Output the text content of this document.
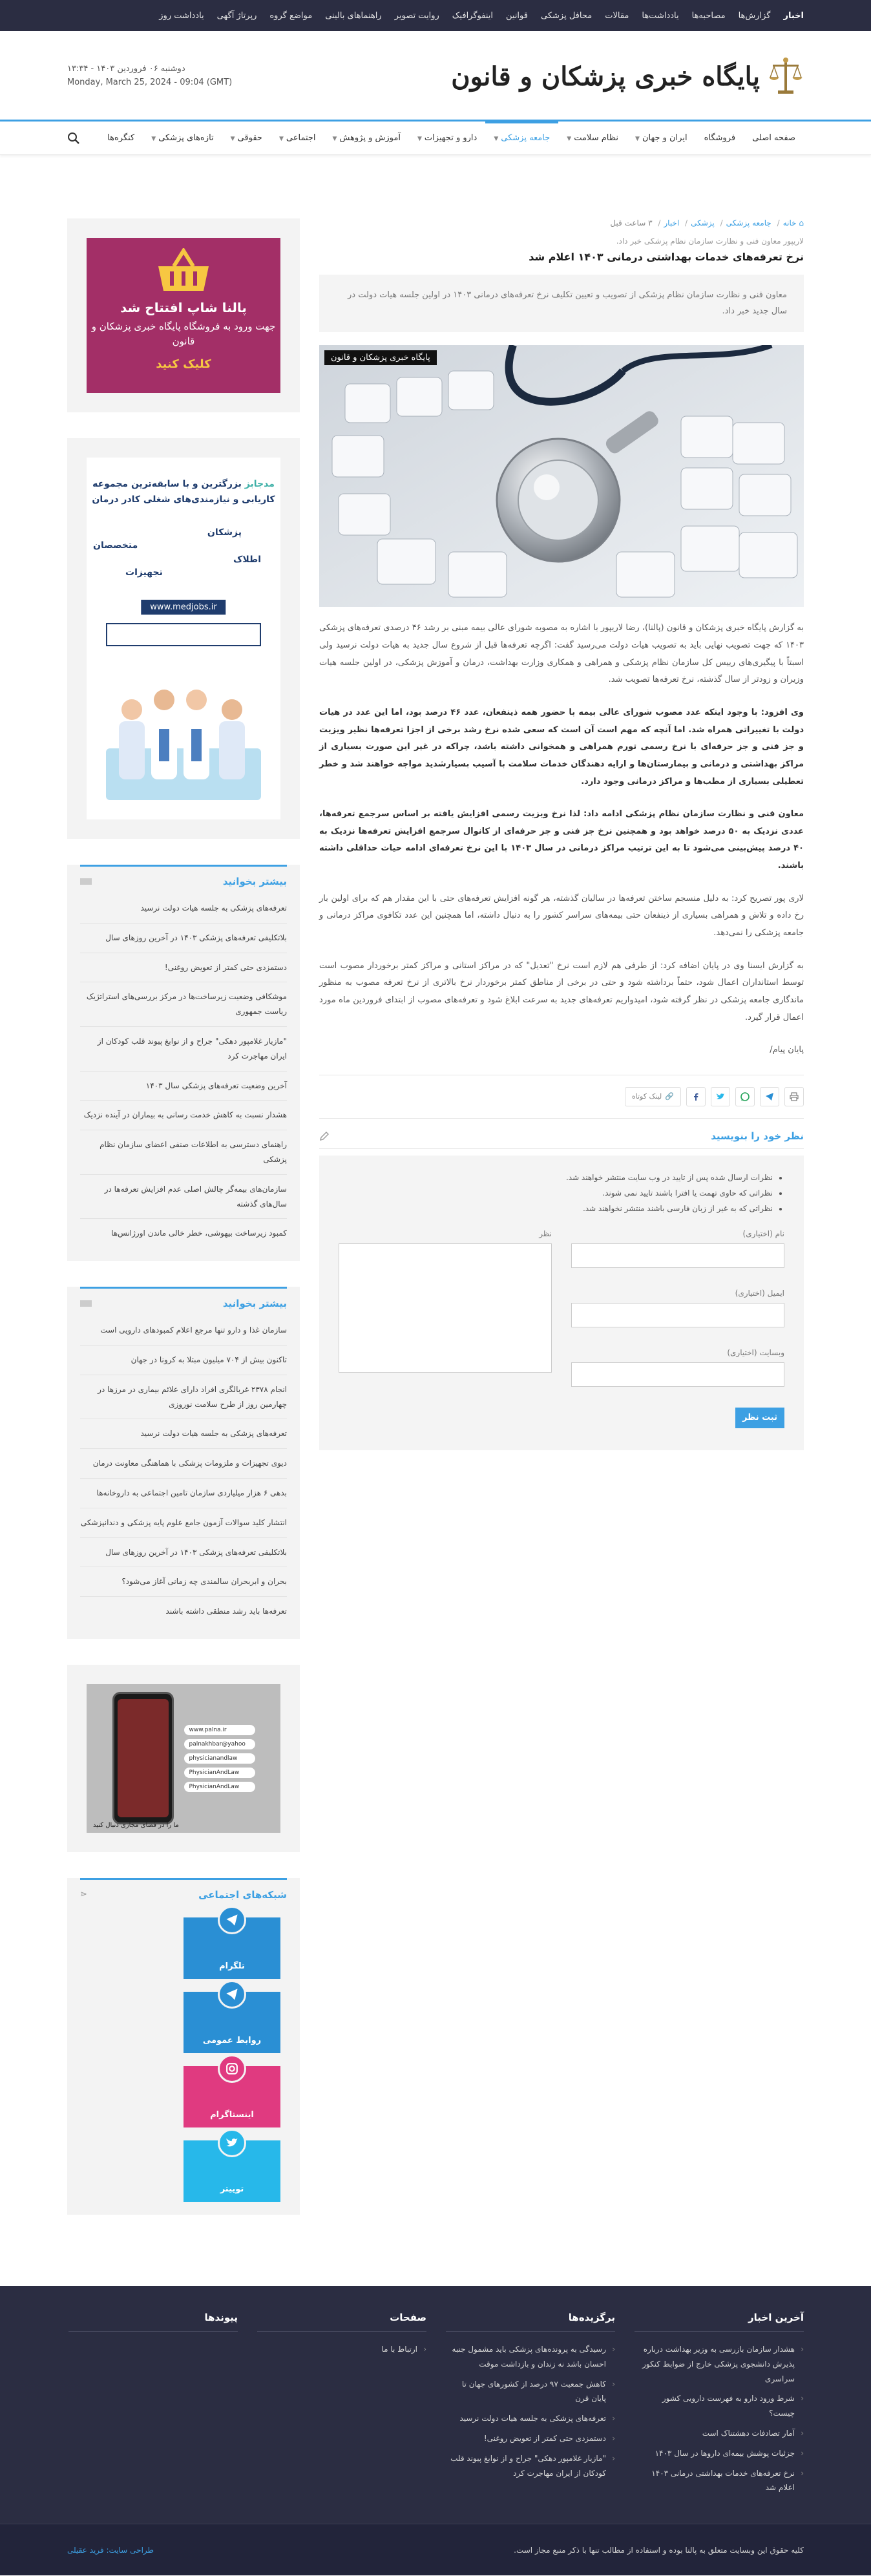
اخبار
گزارش‌ها
مصاحبه‌ها
یادداشت‌ها
مقالات
محافل پزشکی
قوانین
اینفوگرافیک
روایت تصویر
راهنماهای بالینی
مواضع گروه
رپرتاژ آگهی
یادداشت روز
پایگاه خبری پزشکان و قانون
دوشنبه ۰۶ فروردین ۱۴۰۳ - ۱۳:۳۴
Monday, March 25, 2024 - 09:04 (GMT)
صفحه اصلی
فروشگاه
ایران و جهان▼
نظام سلامت▼
جامعه پزشکی▼
دارو و تجهیزات▼
آموزش و پژوهش▼
اجتماعی▼
حقوقی▼
تازه‌های پزشکی▼
کنگره‌ها
⌂ خانه/ جامعه پزشکی/ پزشکی/ اخبار/ ۳ ساعت قبل
لاریپور معاون فنی و نظارت سازمان نظام پزشکی خبر داد.
نرخ تعرفه‌های خدمات بهداشتی درمانی ۱۴۰۳ اعلام شد
معاون فنی و نظارت سازمان نظام پزشکی از تصویب و تعیین تکلیف نرخ تعرفه‌های درمانی ۱۴۰۳ در اولین جلسه هیات دولت در سال جدید خبر داد.
پایگاه خبری پزشکان و قانون

به گزارش پایگاه خبری پزشکان و قانون (پالنا)، رضا لاریپور با اشاره به مصوبه شورای عالی بیمه مبنی بر رشد ۴۶ درصدی تعرفه‌های پزشکی ۱۴۰۳ که جهت تصویب نهایی باید به تصویب هیات دولت می‌رسید گفت: اگرچه تعرفه‌ها قبل از شروع سال جدید به هیات دولت نرسید ولی اسبتاً با پیگیری‌های رییس کل سازمان نظام پزشکی و همراهی و همکاری وزارت بهداشت، درمان و آموزش پزشکی، در اولین جلسه هیات وزیران و زودتر از سال گذشته، نرخ تعرفه‌ها تصویب شد.

وی افزود: با وجود اینکه عدد مصوب شورای عالی بیمه با حضور همه ذینفعان، عدد ۴۶ درصد بود، اما این عدد در هیات دولت با تغییراتی همراه شد. اما آنچه که مهم است آن است که سعی شده نرخ رشد برخی از اجزا تعرفه‌ها نظیر ویزیت و جز فنی و جز حرفه‌ای با نرخ رسمی تورم همراهی و همخوانی داشته باشد، چراکه در غیر این صورت بسیاری از مراکز بهداشتی و درمانی و بیمارستان‌ها و ارایه دهندگان خدمات سلامت با آسیب بسیارشدید مواجه خواهند شد و خطر تعطیلی بسیاری از مطب‌ها و مراکز درمانی وجود دارد.

معاون فنی و نظارت سازمان نظام پزشکی ادامه داد: لذا نرخ ویزیت رسمی افزایش یافته بر اساس سرجمع تعرفه‌ها، عددی نزدیک به ۵۰ درصد خواهد بود و همچنین نرخ جز فنی و جز حرفه‌ای از کانوال سرجمع افزایش تعرفه‌ها نزدیک به ۴۰ درصد پیش‌بینی می‌شود تا به این ترتیب مراکز درمانی در سال ۱۴۰۳ با این نرخ تعرفه‌ای ادامه حیات حداقلی داشته باشند.

لاری پور تصریح کرد: به دلیل منسجم ساختن تعرفه‌ها در سالیان گذشته، هر گونه افزایش تعرفه‌های حتی با این مقدار هم که برای اولین بار رخ داده و تلاش و همراهی بسیاری از ذینفعان حتی بیمه‌های سراسر کشور را به دنبال داشته، اما همچنین این عدد تکافوی مراکز درمانی و جامعه پزشکی را نمی‌دهد.

به گزارش ایسنا وی در پایان اضافه کرد: از طرفی هم لازم است نرخ "تعدیل" که در مراکز استانی و مراکز کمتر برخوردار مصوب است توسط استانداران اعمال شود، حتماً برداشته شود و حتی در برخی از مناطق کمتر برخوردار نرخ بالاتری از نرخ تعرفه مصوب به منظور ماندگاری جامعه پزشکی در نظر گرفته شود، امیدواریم تعرفه‌های جدید به سرعت ابلاغ شود و تعرفه‌های مصوب از ابتدای فروردین ماه مورد اعمال قرار گیرد.

پایان پیام/

🔗
لینک کوتاه
نظر خود را بنویسید
• نظرات ارسال شده پس از تایید در وب سایت منتشر خواهند شد.
• نظراتی که حاوی تهمت یا افترا باشند تایید نمی شوند.
• نظراتی که به غیر از زبان فارسی باشند منتشر نخواهند شد.
نام (اختیاری)
ایمیل (اختیاری)
وبسایت (اختیاری)
ثبت نظر
نظر
پالنا شاپ افتتاح شد
جهت ورود به فروشگاه پایگاه خبری پزشکان و قانون
کلیک کنید
مدجابز بزرگترین و با سابقه‌ترین مجموعه
کاریابی و نیازمندی‌های شغلی کادر درمان
پزشکان
متخصصان
اطلاک
تجهیزات
www.medjobs.ir
بیشتر بخوانید
تعرفه‌های پزشکی به جلسه هیات دولت نرسید
بلاتکلیفی تعرفه‌های پزشکی ۱۴۰۳ در آخرین روزهای سال
دستمزدی حتی کمتر از تعویض روغنی!
موشکافی وضعیت زیرساخت‌ها در مرکز بررسی‌های استراتژیک ریاست جمهوری
"مازیار غلامپور دهکی" جراح و از نوابغ پیوند قلب کودکان از ایران مهاجرت کرد
آخرین وضعیت تعرفه‌های پزشکی سال ۱۴۰۳
هشدار نسبت به کاهش خدمت رسانی به بیماران در آینده نزدیک
راهنمای دسترسی به اطلاعات صنفی اعضای سازمان نظام پزشکی
سازمان‌های بیمه‌گر چالش اصلی عدم افزایش تعرفه‌ها در سال‌های گذشته
کمبود زیرساخت بیهوشی، خطر خالی ماندن اورژانس‌ها
بیشتر بخوانید
سازمان غذا و دارو تنها مرجع اعلام کمبودهای دارویی است
تاکنون بیش از ۷۰۴ میلیون مبتلا به کرونا در جهان
انجام ۲۳۷۸ غربالگری افراد دارای علائم بیماری در مرزها در چهارمین روز از طرح سلامت نوروزی
تعرفه‌های پزشکی به جلسه هیات دولت نرسید
دیوی تجهیزات و ملزومات پزشکی با هماهنگی معاونت درمان
بدهی ۶ هزار میلیاردی سازمان تامین اجتماعی به داروخانه‌ها
انتشار کلید سوالات آزمون جامع علوم پایه پزشکی و دندانپزشکی
بلاتکلیفی تعرفه‌های پزشکی ۱۴۰۳ در آخرین روزهای سال
بحران و ابربحران سالمندی چه زمانی آغاز می‌شود؟
تعرفه‌ها باید رشد منطقی داشته باشند
www.palna.ir
palnakhbar@yahoo
physicianandlaw
PhysicianAndLaw
PhysicianAndLaw
ما را در فضای مجازی دنبال کنید
شبکه‌های اجتماعی
⋖
تلگرام
روابط عمومی
اینستاگرام
توییتر
آخرین اخبار
‹ هشدار سازمان بازرسی به وزیر بهداشت درباره پذیرش دانشجوی پزشکی خارج از ضوابط کنکور سراسری
‹ شرط ورود دارو به فهرست دارویی کشور چیست؟
‹ آمار تصادفات دهشتناک است
‹ جزئیات پوشش بیمه‌ای داروها در سال ۱۴۰۳
‹ نرخ تعرفه‌های خدمات بهداشتی درمانی ۱۴۰۳ اعلام شد
برگزیده‌ها
‹ رسیدگی به پرونده‌های پزشکی باید مشمول جنبه احسان باشد نه زندان و بازداشت موقت
‹ کاهش جمعیت ۹۷ درصد از کشورهای جهان تا پایان قرن
‹ تعرفه‌های پزشکی به جلسه هیات دولت نرسید
‹ دستمزدی حتی کمتر از تعویض روغنی!
‹ "مازیار غلامپور دهکی" جراح و از نوابغ پیوند قلب کودکان از ایران مهاجرت کرد
صفحات
‹ ارتباط با ما
پیوندها
کلیه حقوق این وبسایت متعلق به پالنا بوده و استفاده از مطالب تنها با ذکر منبع مجاز است.
طراحی سایت: فرید عقیلی
